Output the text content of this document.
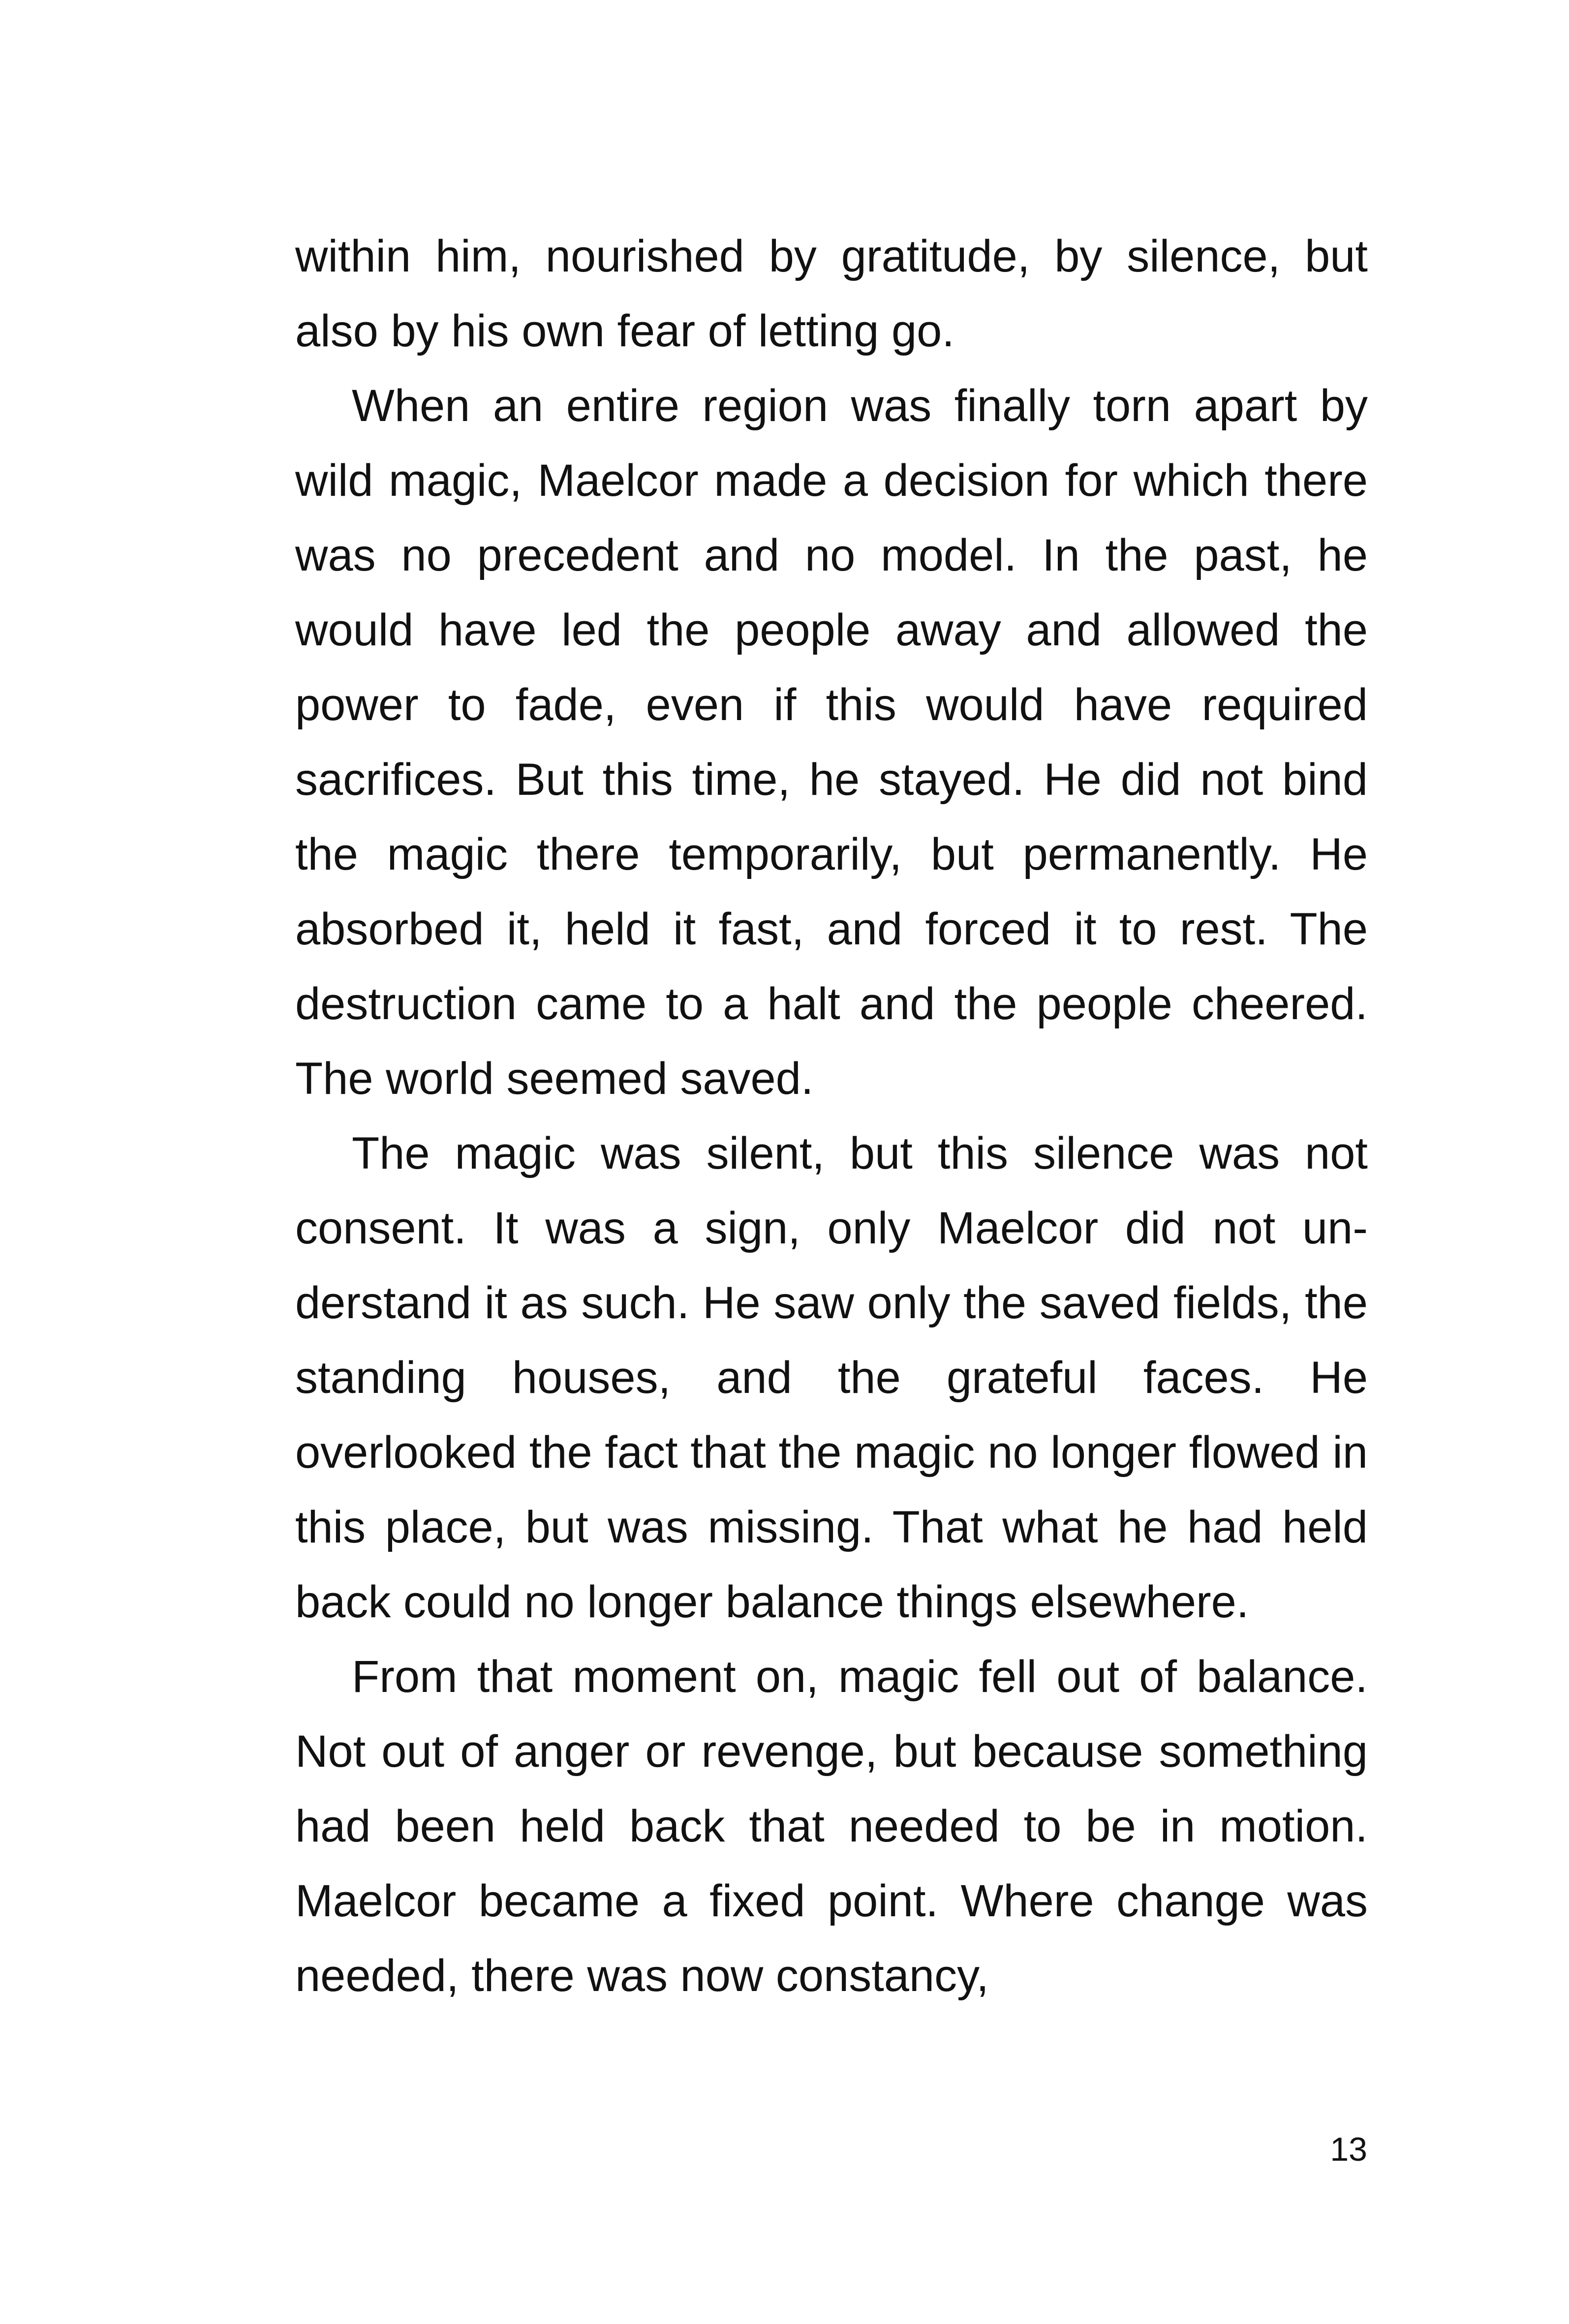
within him, nourished by gratitude, by silence, but also by his own fear of letting go.

When an entire region was finally torn apart by wild magic, Maelcor made a decision for which there was no precedent and no model. In the past, he would have led the people away and allowed the power to fade, even if this would have required sacrifices. But this time, he stayed. He did not bind the magic there temporarily, but permanently. He absorbed it, held it fast, and forced it to rest. The destruction came to a halt and the people cheered. The world seemed saved.

The magic was silent, but this silence was not consent. It was a sign, only Maelcor did not understand it as such. He saw only the saved fields, the standing houses, and the grateful faces. He overlooked the fact that the magic no longer flowed in this place, but was missing. That what he had held back could no longer balance things elsewhere.

From that moment on, magic fell out of balance. Not out of anger or revenge, but because something had been held back that needed to be in motion. Maelcor became a fixed point. Where change was needed, there was now constancy,

13
